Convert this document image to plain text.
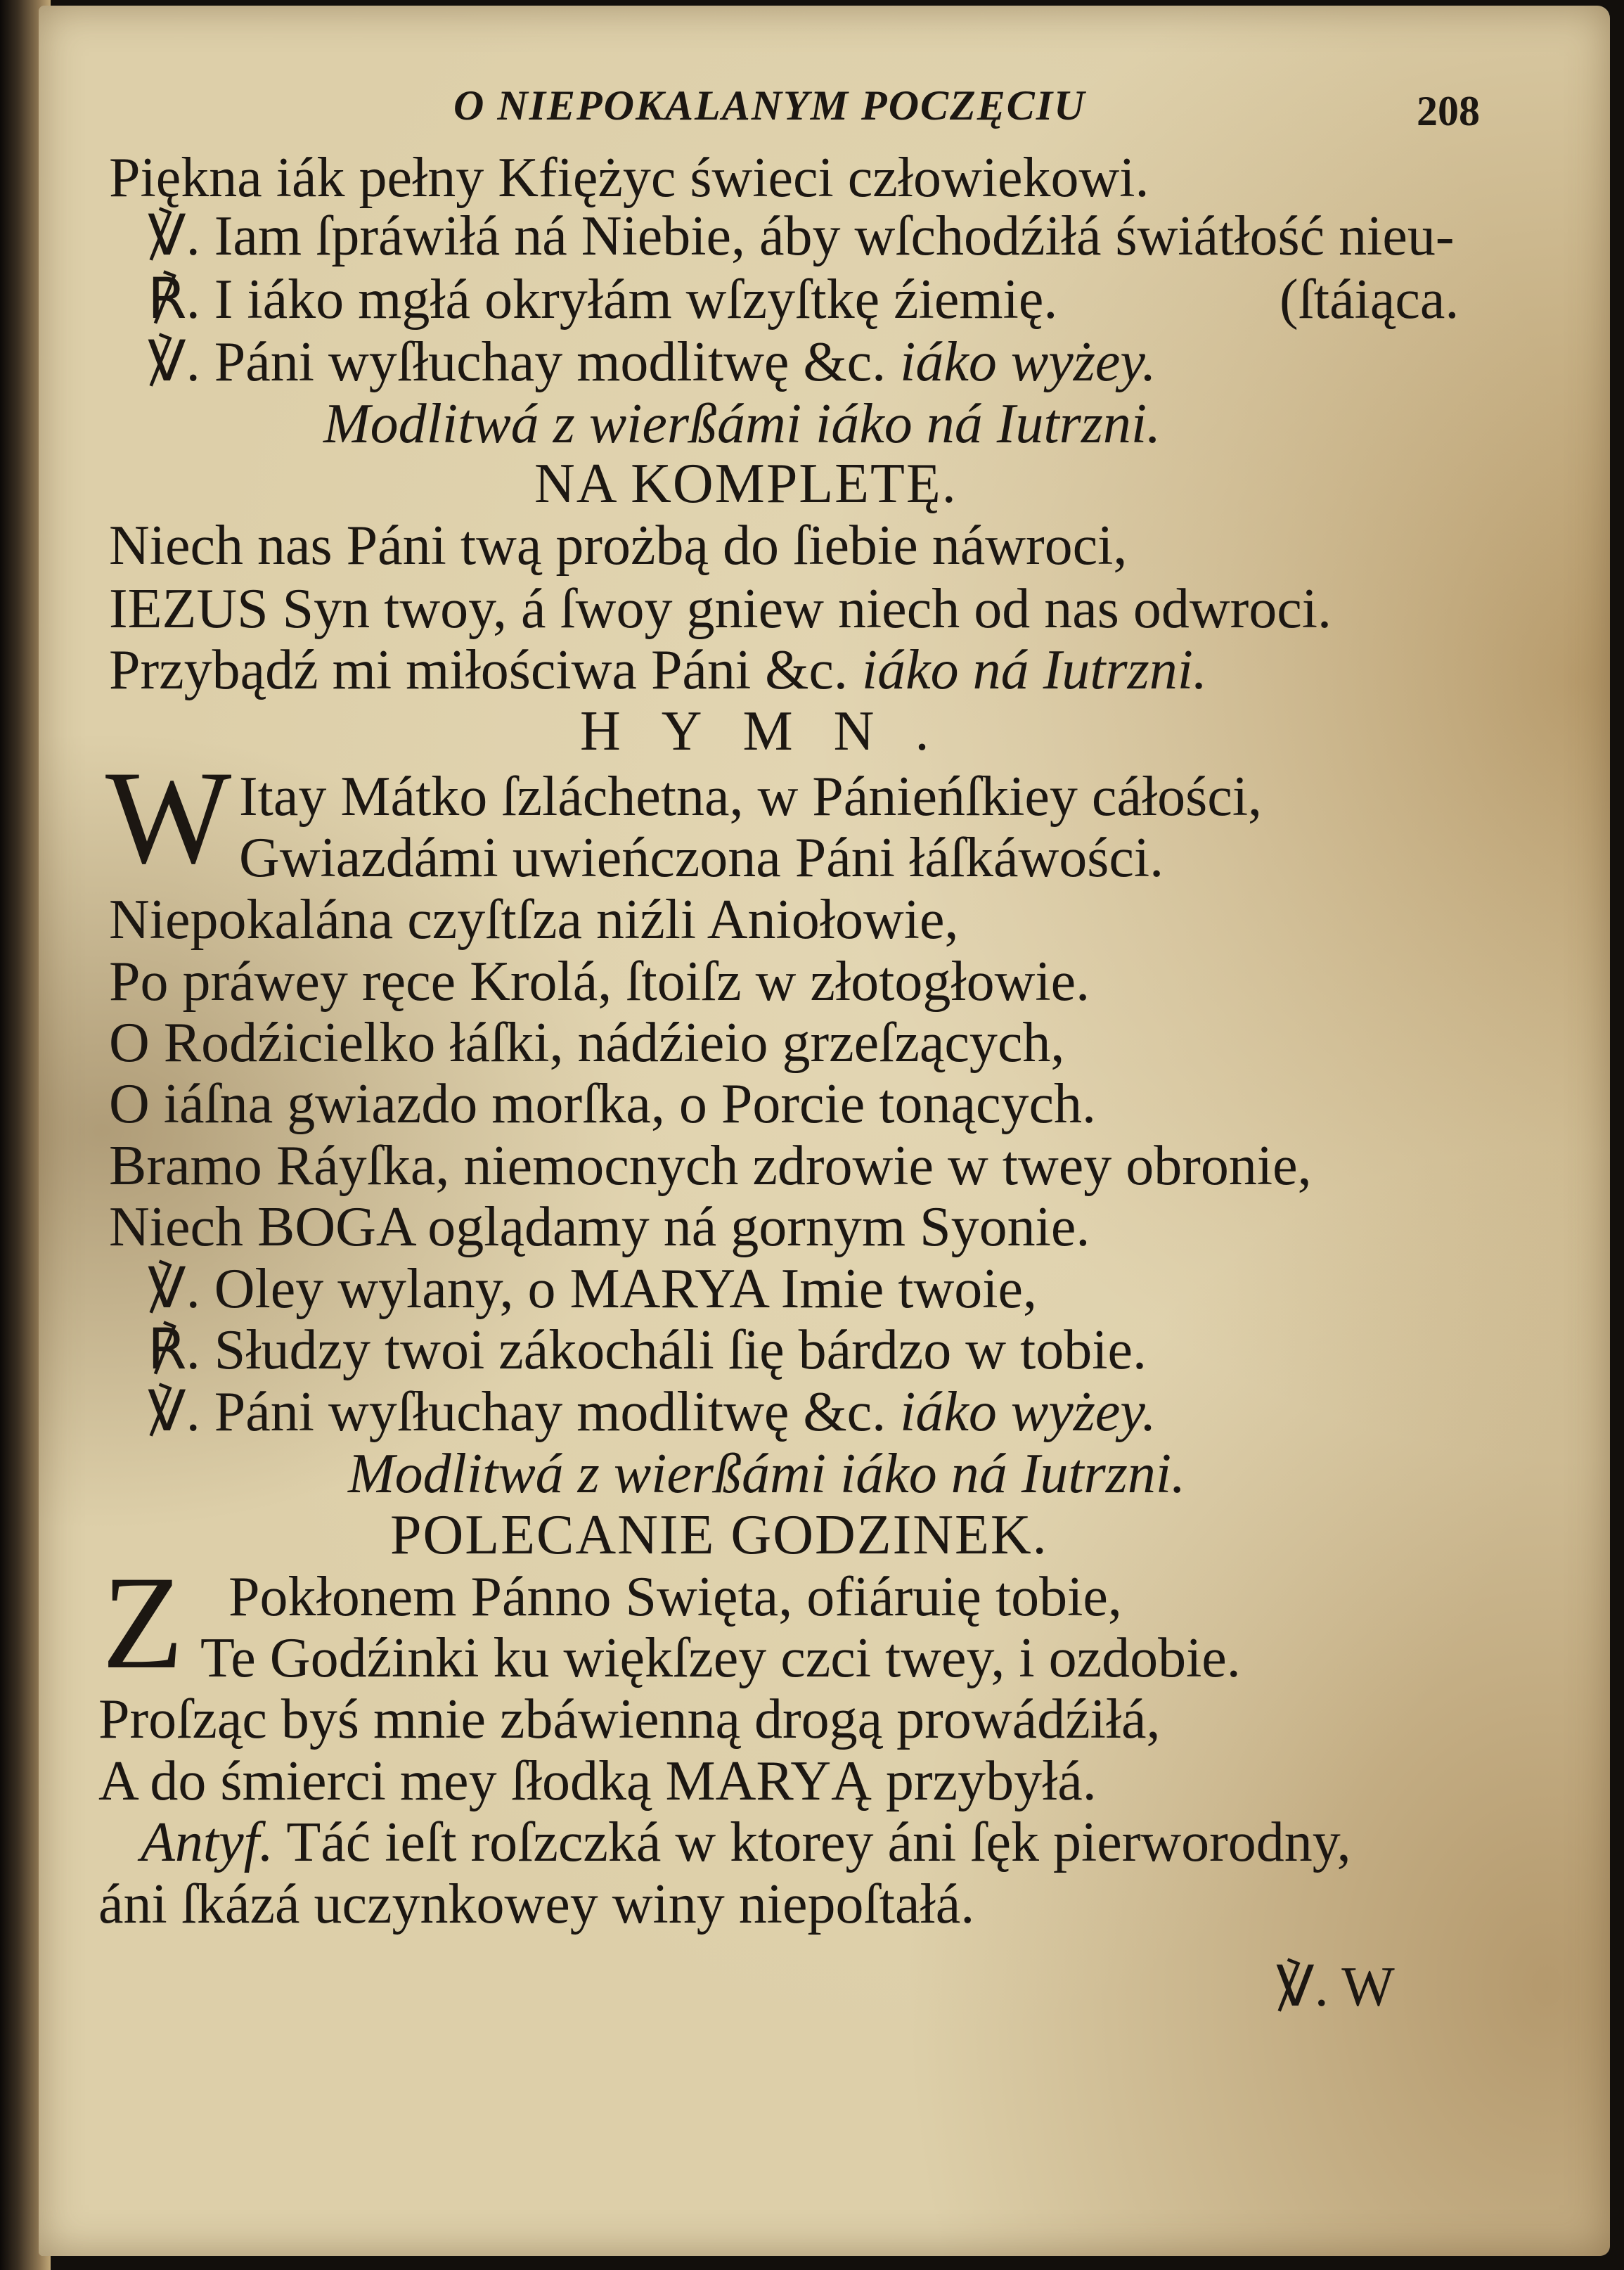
O NIEPOKALANYM POCZĘCIU	208
Piękna iák pełny Kfiężyc świeci człowiekowi.
℣. Iam ſpráwiłá ná Niebie, áby wſchodźiłá świátłość nieu-
℟. I iáko mgłá okryłám wſzyſtkę źiemię.	(ſtáiąca.
℣. Páni wyſłuchay modlitwę &c. iáko wyżey.
Modlitwá z wierßámi iáko ná Iutrzni.
NA KOMPLETĘ.
Niech nas Páni twą prożbą do ſiebie náwroci,
IEZUS Syn twoy, á ſwoy gniew niech od nas odwroci.
Przybądź mi miłościwa Páni &c. iáko ná Iutrzni.
HYMN.
W Itay Mátko ſzláchetna, w Pánieńſkiey cáłości,
Gwiazdámi uwieńczona Páni łáſkáwości.
Niepokalána czyſtſza niźli Aniołowie,
Po práwey ręce Krolá, ſtoiſz w złotogłowie.
O Rodźicielko łáſki, nádźieio grzeſzących,
O iáſna gwiazdo morſka, o Porcie tonących.
Bramo Ráyſka, niemocnych zdrowie w twey obronie,
Niech BOGA oglądamy ná gornym Syonie.
℣. Oley wylany, o MARYA Imie twoie,
℟. Słudzy twoi zákocháli ſię bárdzo w tobie.
℣. Páni wyſłuchay modlitwę &c. iáko wyżey.
Modlitwá z wierßámi iáko ná Iutrzni.
POLECANIE GODZINEK.
Z Pokłonem Pánno Swięta, ofiáruię tobie,
Te Godźinki ku więkſzey czci twey, i ozdobie.
Proſząc byś mnie zbáwienną drogą prowádźiłá,
A do śmierci mey ſłodką MARYĄ przybyłá.
Antyf. Táć ieſt roſzczká w ktorey áni ſęk pierworodny,
áni ſkázá uczynkowey winy niepoſtałá.
℣. W
